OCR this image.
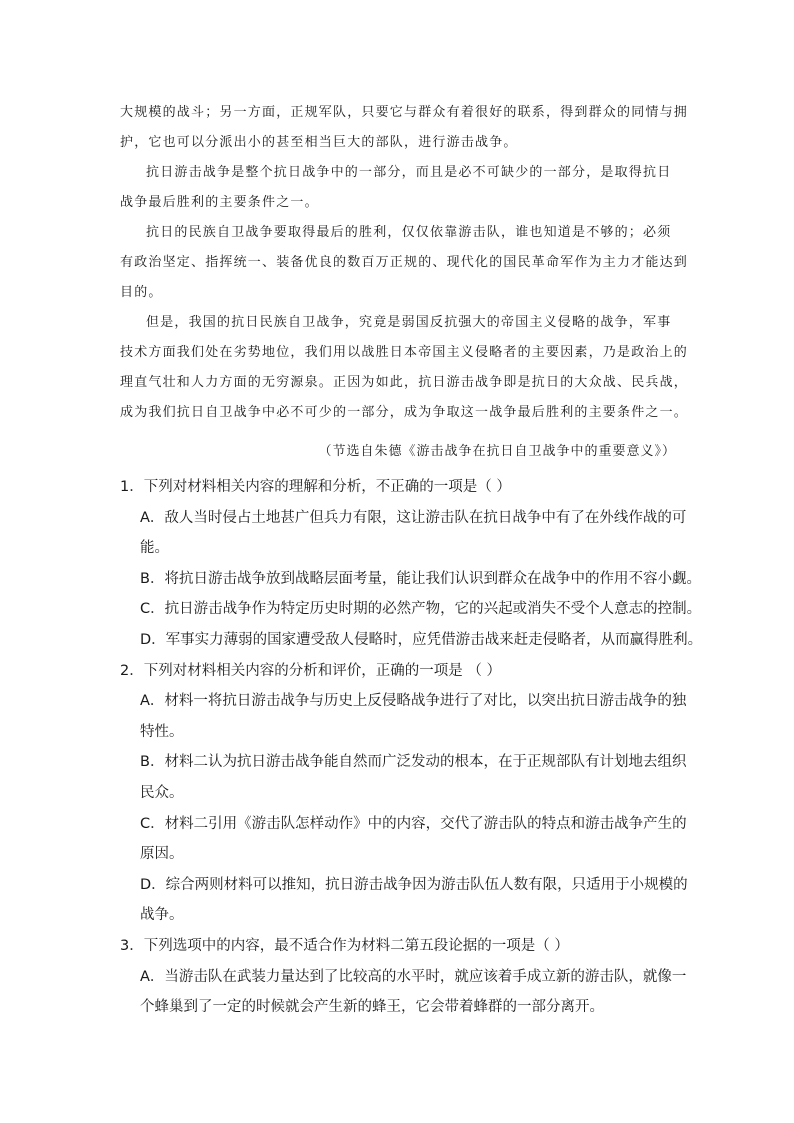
大规模的战斗；另一方面，正规军队，只要它与群众有着很好的联系，得到群众的同情与拥
护，它也可以分派出小的甚至相当巨大的部队，进行游击战争。

抗日游击战争是整个抗日战争中的一部分，而且是必不可缺少的一部分，是取得抗日
战争最后胜利的主要条件之一。

抗日的民族自卫战争要取得最后的胜利，仅仅依靠游击队，谁也知道是不够的；必须
有政治坚定、指挥统一、装备优良的数百万正规的、现代化的国民革命军作为主力才能达到
目的。

但是，我国的抗日民族自卫战争，究竟是弱国反抗强大的帝国主义侵略的战争，军事
技术方面我们处在劣势地位，我们用以战胜日本帝国主义侵略者的主要因素，乃是政治上的
理直气壮和人力方面的无穷源泉。正因为如此，抗日游击战争即是抗日的大众战、民兵战，
成为我们抗日自卫战争中必不可少的一部分，成为争取这一战争最后胜利的主要条件之一。

（节选自朱德《游击战争在抗日自卫战争中的重要意义》）

1．下列对材料相关内容的理解和分析，不正确的一项是（ ）

A．敌人当时侵占土地甚广但兵力有限，这让游击队在抗日战争中有了在外线作战的可
能。
B．将抗日游击战争放到战略层面考量，能让我们认识到群众在战争中的作用不容小觑。
C．抗日游击战争作为特定历史时期的必然产物，它的兴起或消失不受个人意志的控制。
D．军事实力薄弱的国家遭受敌人侵略时，应凭借游击战来赶走侵略者，从而赢得胜利。

2．下列对材料相关内容的分析和评价，正确的一项是 （ ）

A．材料一将抗日游击战争与历史上反侵略战争进行了对比，以突出抗日游击战争的独
特性。
B．材料二认为抗日游击战争能自然而广泛发动的根本，在于正规部队有计划地去组织
民众。
C．材料二引用《游击队怎样动作》中的内容，交代了游击队的特点和游击战争产生的
原因。
D．综合两则材料可以推知，抗日游击战争因为游击队伍人数有限，只适用于小规模的
战争。

3．下列选项中的内容，最不适合作为材料二第五段论据的一项是（ ）

A．当游击队在武装力量达到了比较高的水平时，就应该着手成立新的游击队，就像一
个蜂巢到了一定的时候就会产生新的蜂王，它会带着蜂群的一部分离开。
